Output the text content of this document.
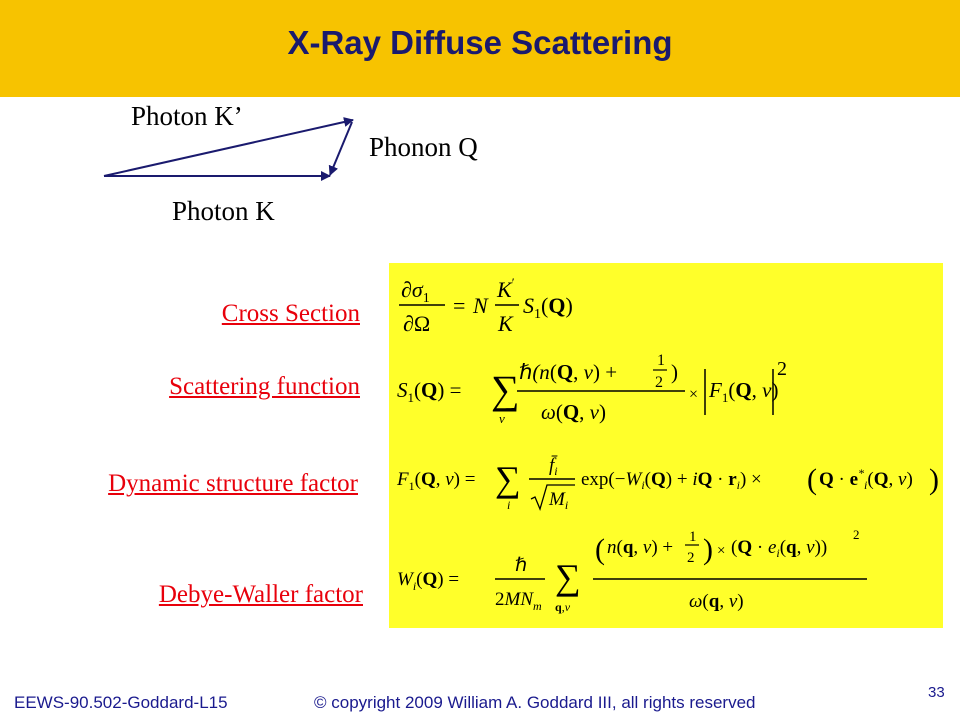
X-Ray Diffuse Scattering
Photon K’
Phonon Q
Photon K
Cross Section
Scattering function
Dynamic structure factor
Debye-Waller factor
$\partial\sigma_1$
∂Ω
= N
K′
K
$S_1(Q)$
$S_1(Q)$ = ∑
v
ℏ(n(Q, v) + 1
2 )
ω(Q, v)
× $F_1(Q$, v)
2
$F_1(Q$, v) = ∑
i
$f̄_i$
$M_i$
$\exp(-W_i(Q)$ + iQ · $r_i$) × ( $Q \cdot e^*_i(Q$, v) )
$W_i(Q)$ =
ℏ
$2MN_m$
∑
q,v
( n(q, v) + 1
2 ) × ($Q \cdot e_i(q$, v))
2
ω(q, v)
EEWS-90.502-Goddard-L15	© copyright 2009 William A. Goddard III, all rights reserved
33
